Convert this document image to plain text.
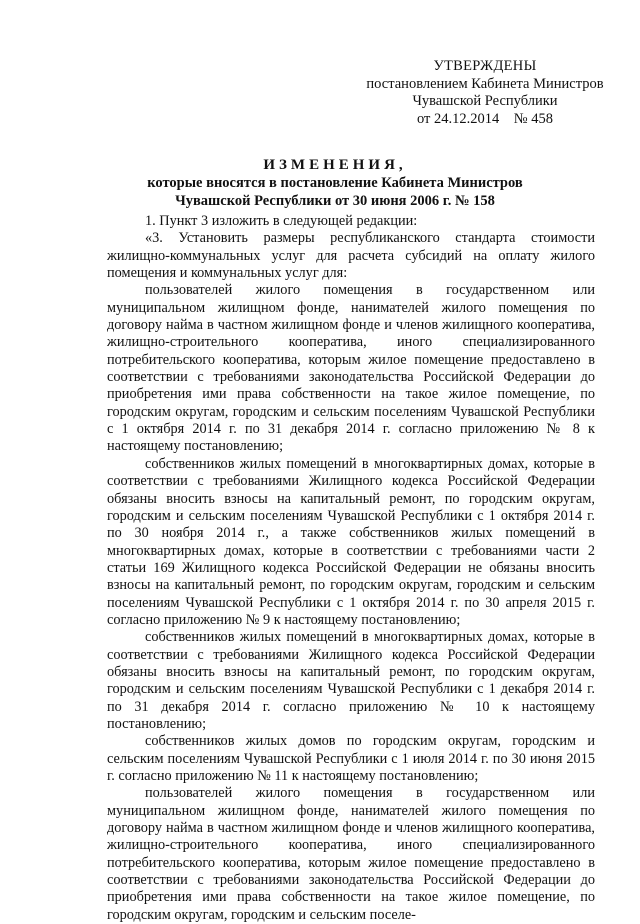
УТВЕРЖДЕНЫ
постановлением Кабинета Министров
Чувашской Республики
от 24.12.2014    № 458
ИЗМЕНЕНИЯ,
которые вносятся в постановление Кабинета Министров
Чувашской Республики от 30 июня 2006 г. № 158

1. Пункт 3 изложить в следующей редакции:

«3. Установить размеры республиканского стандарта стоимости жилищно-коммунальных услуг для расчета субсидий на оплату жилого помещения и коммунальных услуг для:

пользователей жилого помещения в государственном или муниципальном жилищном фонде, нанимателей жилого помещения по договору найма в частном жилищном фонде и членов жилищного кооператива, жилищно-строительного кооператива, иного специализированного потребительского кооператива, которым жилое помещение предоставлено в соответствии с требованиями законодательства Российской Федерации до приобретения ими права собственности на такое жилое помещение, по городским округам, городским и сельским поселениям Чувашской Республики с 1 октября 2014 г. по 31 декабря 2014 г. согласно приложению № 8 к настоящему постановлению;

собственников жилых помещений в многоквартирных домах, которые в соответствии с требованиями Жилищного кодекса Российской Федерации обязаны вносить взносы на капитальный ремонт, по городским округам, городским и сельским поселениям Чувашской Республики с 1 октября 2014 г. по 30 ноября 2014 г., а также собственников жилых помещений в многоквартирных домах, которые в соответствии с требованиями части 2 статьи 169 Жилищного кодекса Российской Федерации не обязаны вносить взносы на капитальный ремонт, по городским округам, городским и сельским поселениям Чувашской Республики с 1 октября 2014 г. по 30 апреля 2015 г. согласно приложению № 9 к настоящему постановлению;

собственников жилых помещений в многоквартирных домах, которые в соответствии с требованиями Жилищного кодекса Российской Федерации обязаны вносить взносы на капитальный ремонт, по городским округам, городским и сельским поселениям Чувашской Республики с 1 декабря 2014 г. по 31 декабря 2014 г. согласно приложению № 10 к настоящему постановлению;

собственников жилых домов по городским округам, городским и сельским поселениям Чувашской Республики с 1 июля 2014 г. по 30 июня 2015 г. согласно приложению № 11 к настоящему постановлению;

пользователей жилого помещения в государственном или муниципальном жилищном фонде, нанимателей жилого помещения по договору найма в частном жилищном фонде и членов жилищного кооператива, жилищно-строительного кооператива, иного специализированного потребительского кооператива, которым жилое помещение предоставлено в соответствии с требованиями законодательства Российской Федерации до приобретения ими права собственности на такое жилое помещение, по городским округам, городским и сельским поселе-
